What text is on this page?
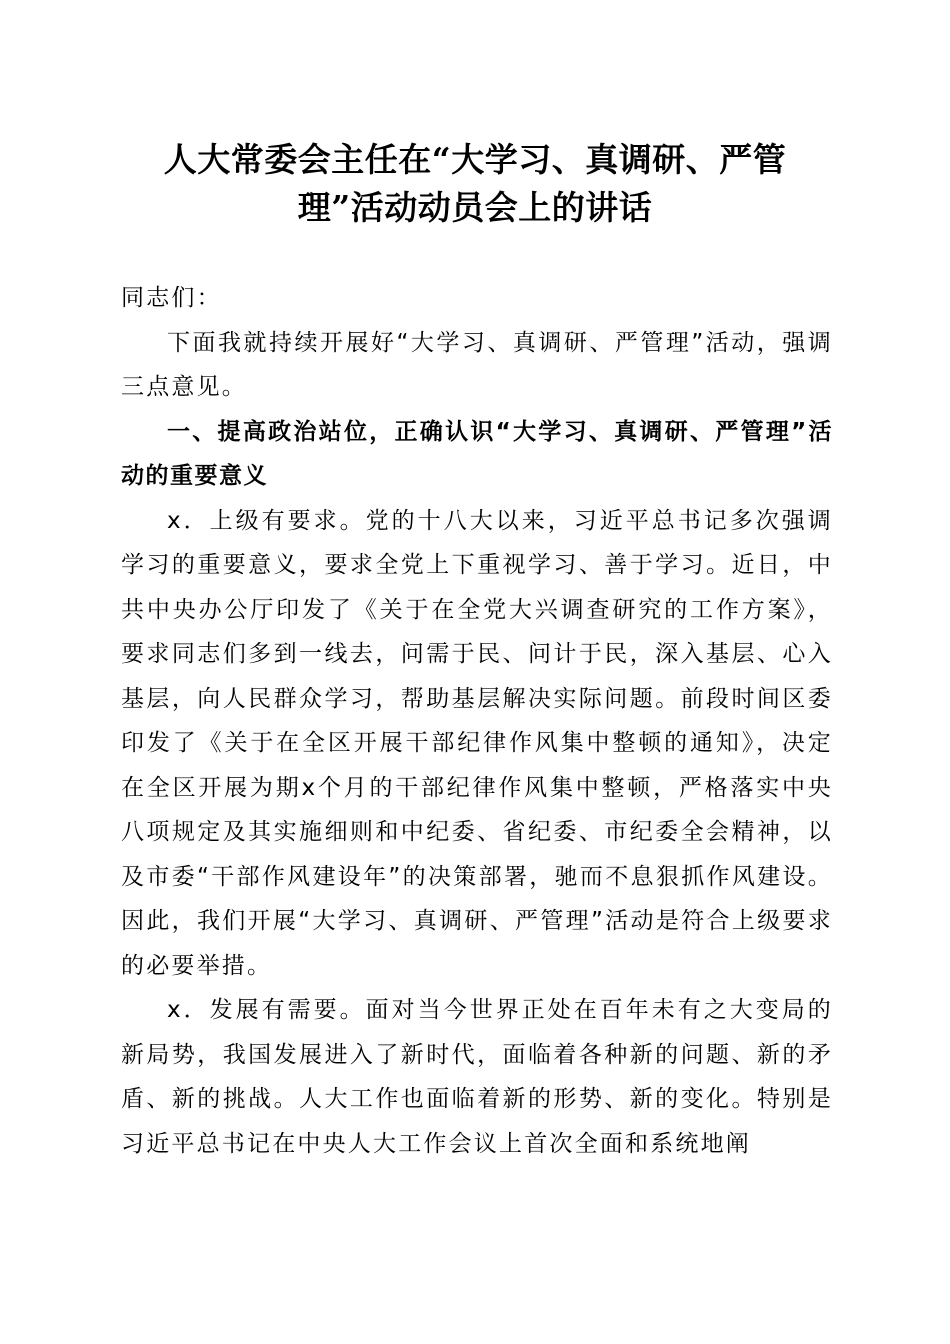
人大常委会主任在“大学习、真调研、严管
理”活动动员会上的讲话

同志们：

下面我就持续开展好“大学习、真调研、严管理”活动，强调三点意见。

一、提高政治站位，正确认识“大学习、真调研、严管理”活动的重要意义

x．上级有要求。党的十八大以来，习近平总书记多次强调学习的重要意义，要求全党上下重视学习、善于学习。近日，中共中央办公厅印发了《关于在全党大兴调查研究的工作方案》，要求同志们多到一线去，问需于民、问计于民，深入基层、心入基层，向人民群众学习，帮助基层解决实际问题。前段时间区委印发了《关于在全区开展干部纪律作风集中整顿的通知》，决定在全区开展为期x个月的干部纪律作风集中整顿，严格落实中央八项规定及其实施细则和中纪委、省纪委、市纪委全会精神，以及市委“干部作风建设年”的决策部署，驰而不息狠抓作风建设。因此，我们开展“大学习、真调研、严管理”活动是符合上级要求的必要举措。

x．发展有需要。面对当今世界正处在百年未有之大变局的新局势，我国发展进入了新时代，面临着各种新的问题、新的矛盾、新的挑战。人大工作也面临着新的形势、新的变化。特别是习近平总书记在中央人大工作会议上首次全面和系统地阐
